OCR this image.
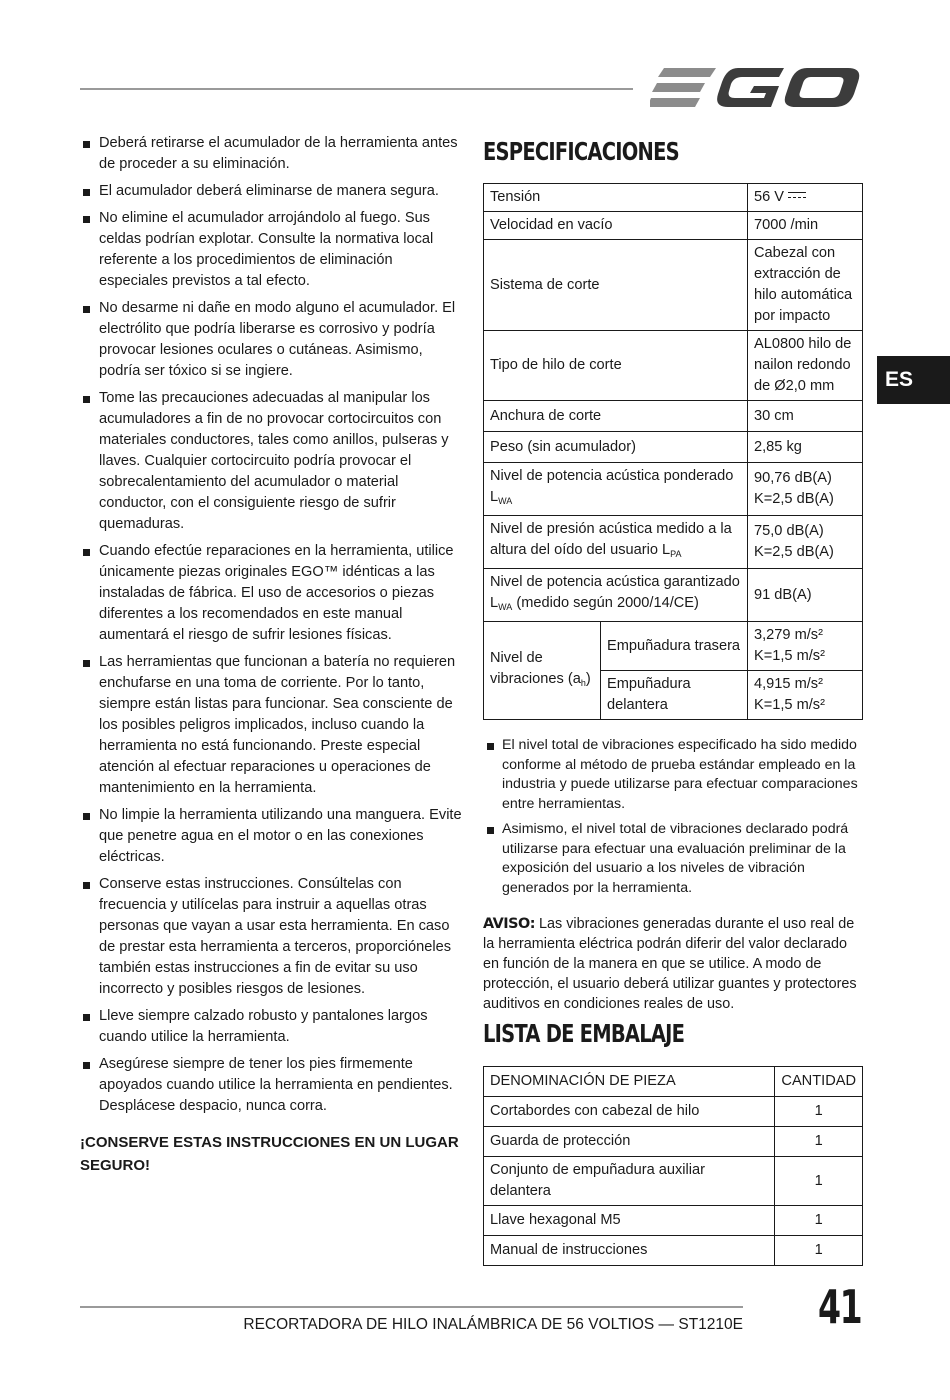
EGO
ES
Deberá retirarse el acumulador de la herramienta antes de proceder a su eliminación.
El acumulador deberá eliminarse de manera segura.
No elimine el acumulador arrojándolo al fuego. Sus celdas podrían explotar. Consulte la normativa local referente a los procedimientos de eliminación especiales previstos a tal efecto.
No desarme ni dañe en modo alguno el acumulador. El electrólito que podría liberarse es corrosivo y podría provocar lesiones oculares o cutáneas. Asimismo, podría ser tóxico si se ingiere.
Tome las precauciones adecuadas al manipular los acumuladores a fin de no provocar cortocircuitos con materiales conductores, tales como anillos, pulseras y llaves. Cualquier cortocircuito podría provocar el sobrecalentamiento del acumulador o material conductor, con el consiguiente riesgo de sufrir quemaduras.
Cuando efectúe reparaciones en la herramienta, utilice únicamente piezas originales EGO™ idénticas a las instaladas de fábrica. El uso de accesorios o piezas diferentes a los recomendados en este manual aumentará el riesgo de sufrir lesiones físicas.
Las herramientas que funcionan a batería no requieren enchufarse en una toma de corriente. Por lo tanto, siempre están listas para funcionar. Sea consciente de los posibles peligros implicados, incluso cuando la herramienta no está funcionando. Preste especial atención al efectuar reparaciones u operaciones de mantenimiento en la herramienta.
No limpie la herramienta utilizando una manguera. Evite que penetre agua en el motor o en las conexiones eléctricas.
Conserve estas instrucciones. Consúltelas con frecuencia y utilícelas para instruir a aquellas otras personas que vayan a usar esta herramienta. En caso de prestar esta herramienta a terceros, proporcióneles también estas instrucciones a fin de evitar su uso incorrecto y posibles riesgos de lesiones.
Lleve siempre calzado robusto y pantalones largos cuando utilice la herramienta.
Asegúrese siempre de tener los pies firmemente apoyados cuando utilice la herramienta en pendientes. Desplácese despacio, nunca corra.
¡CONSERVE ESTAS INSTRUCCIONES EN UN LUGAR SEGURO!
ESPECIFICACIONES
Tensión		56 V
Velocidad en vacío		7000 /min
Sistema de corte		Cabezal con extracción de hilo automática por impacto
Tipo de hilo de corte		AL0800 hilo de nailon redondo de Ø2,0 mm
Anchura de corte		30 cm
Peso (sin acumulador)		2,85 kg
Nivel de potencia acústica ponderado $L_{WA}$		90,76 dB(A)
K=2,5 dB(A)
Nivel de presión acústica medido a la altura del oído del usuario $L_{PA}$		75,0 dB(A)
K=2,5 dB(A)
Nivel de potencia acústica garantizado
$L_{WA}$ (medido según 2000/14/CE)		91 dB(A)
Nivel de vibraciones $(a_h)$	Empuñadura trasera	3,279 m/s²
K=1,5 m/s²
	Empuñadura delantera	4,915 m/s²
K=1,5 m/s²
El nivel total de vibraciones especificado ha sido medido conforme al método de prueba estándar empleado en la industria y puede utilizarse para efectuar comparaciones entre herramientas.
Asimismo, el nivel total de vibraciones declarado podrá utilizarse para efectuar una evaluación preliminar de la exposición del usuario a los niveles de vibración generados por la herramienta.
AVISO: Las vibraciones generadas durante el uso real de la herramienta eléctrica podrán diferir del valor declarado en función de la manera en que se utilice. A modo de protección, el usuario deberá utilizar guantes y protectores auditivos en condiciones reales de uso.
LISTA DE EMBALAJE
DENOMINACIÓN DE PIEZA	CANTIDAD
Cortabordes con cabezal de hilo	1
Guarda de protección	1
Conjunto de empuñadura auxiliar delantera	1
Llave hexagonal M5	1
Manual de instrucciones	1
RECORTADORA DE HILO INALÁMBRICA DE 56 VOLTIOS — ST1210E 41
